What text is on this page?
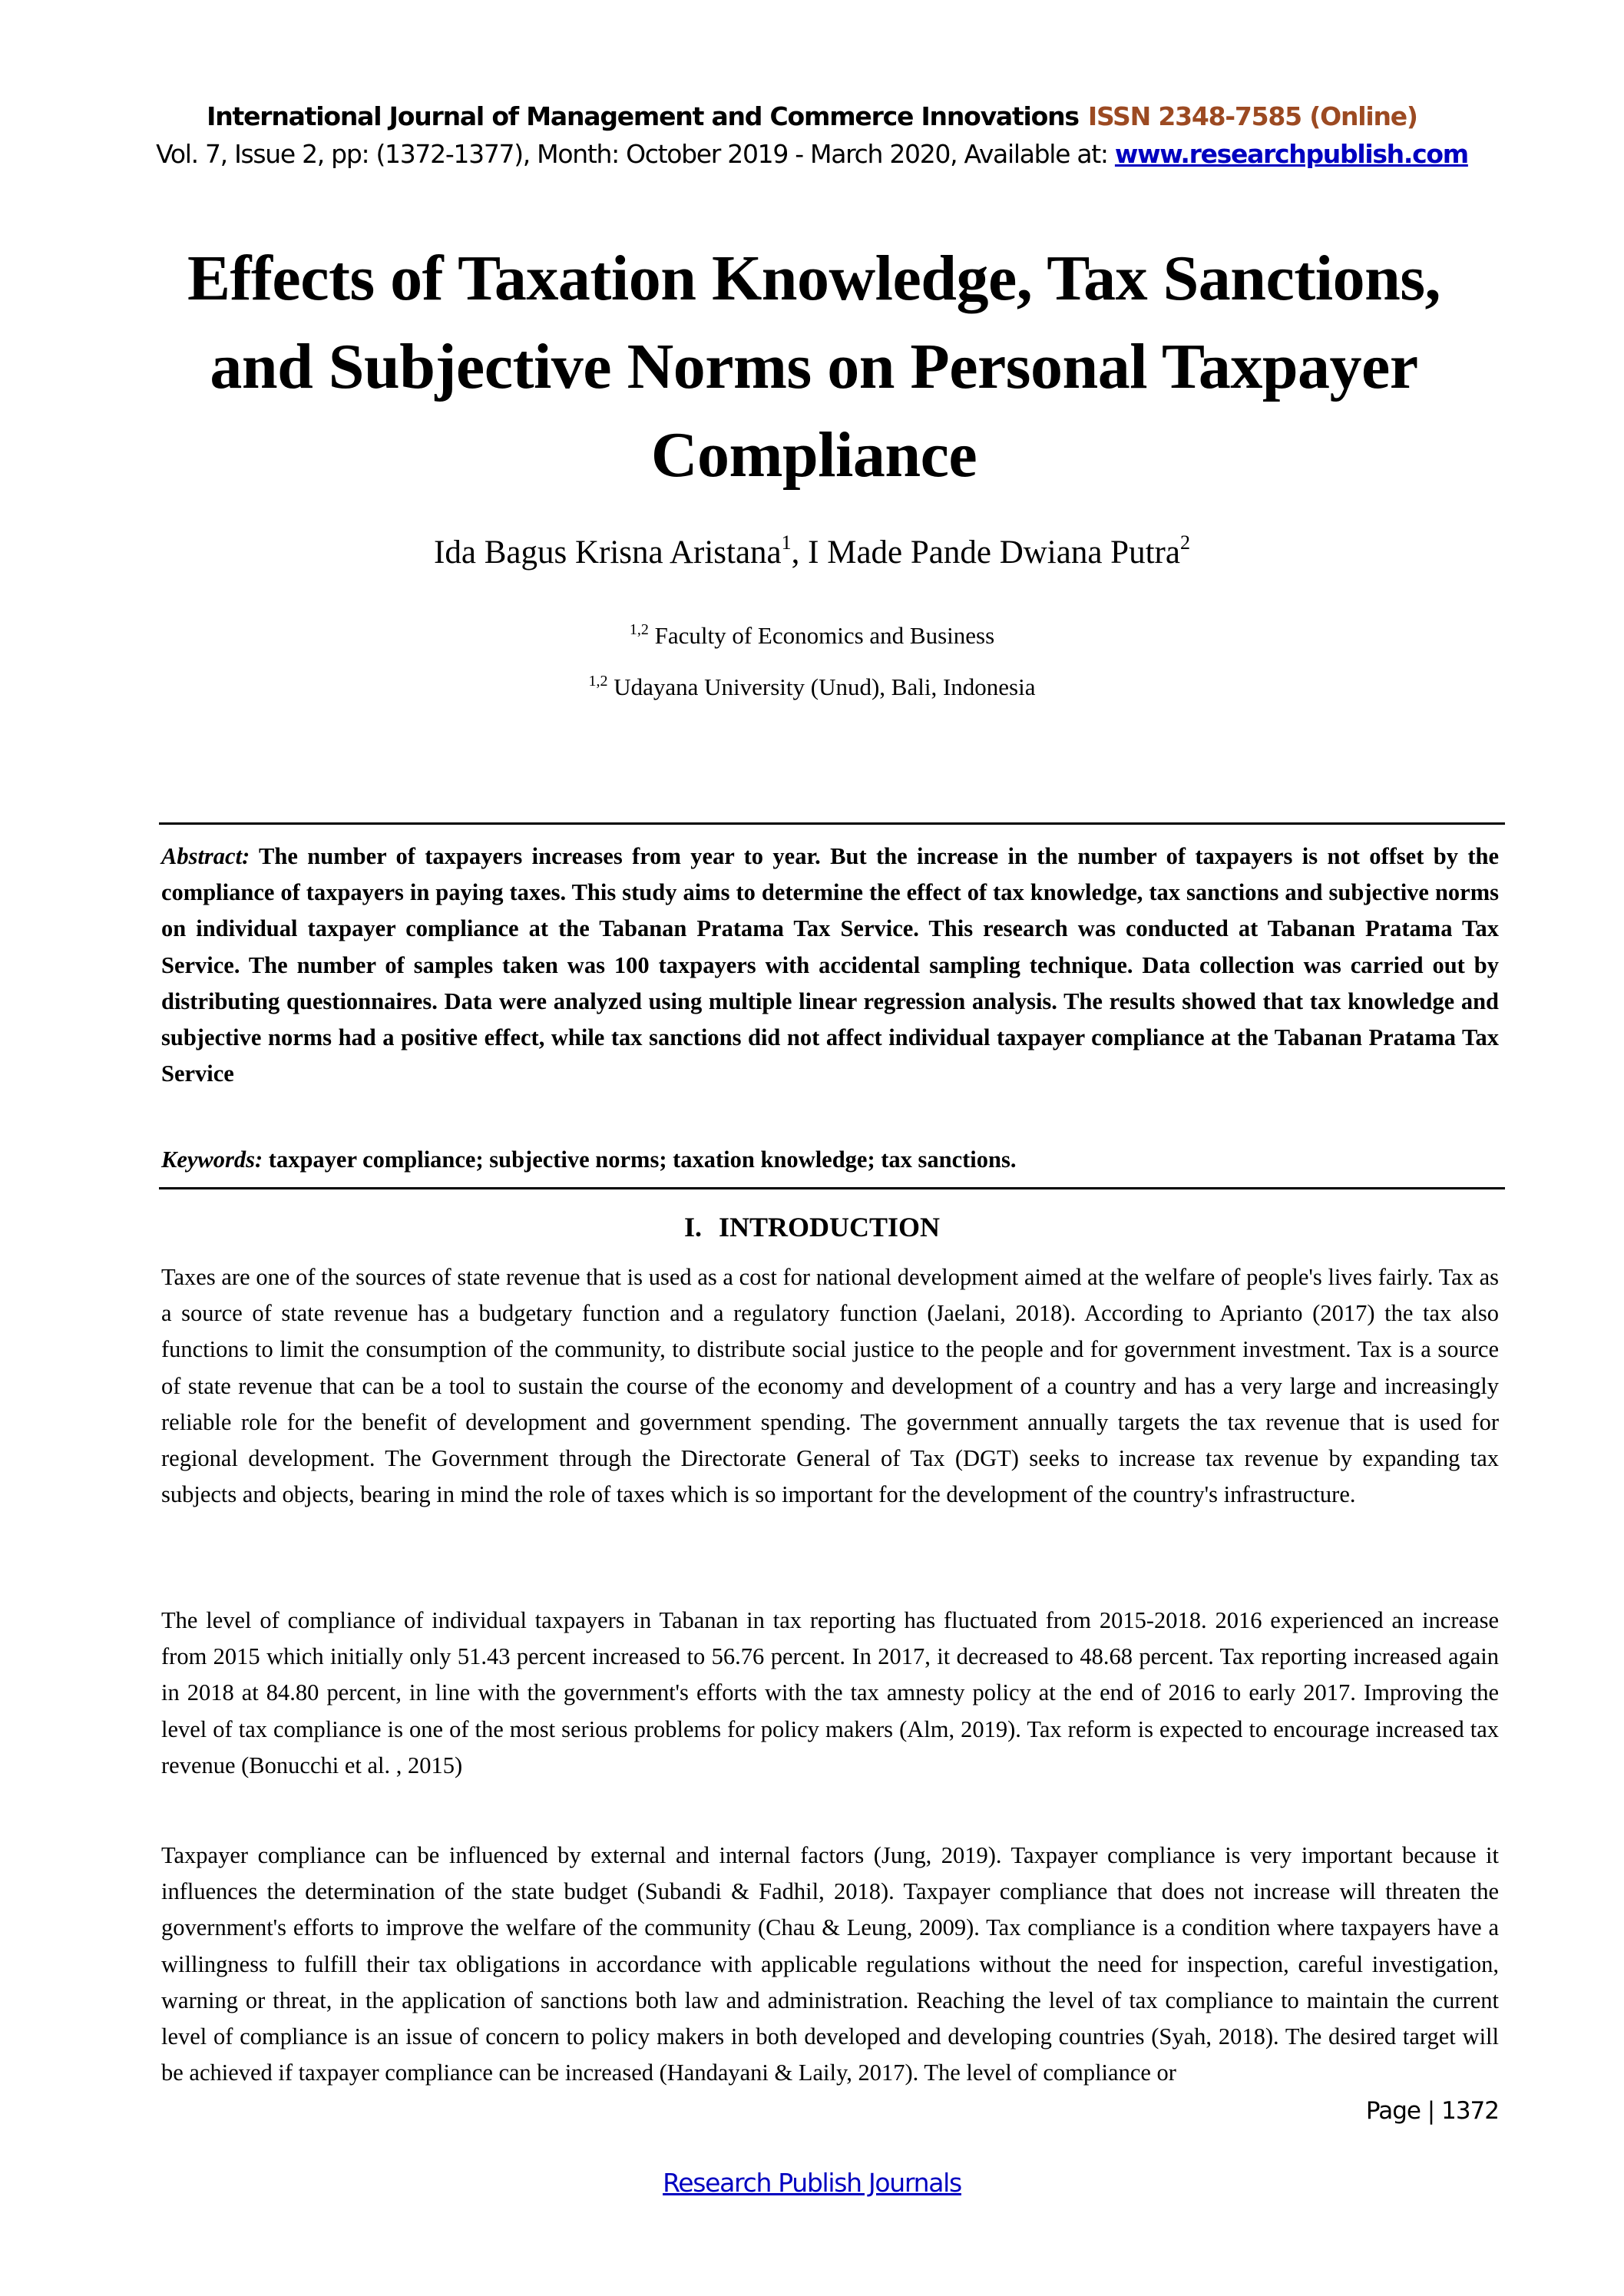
International Journal of Management and Commerce Innovations ISSN 2348-7585 (Online)
Vol. 7, Issue 2, pp: (1372-1377), Month: October 2019 - March 2020, Available at: www.researchpublish.com
Effects of Taxation Knowledge, Tax Sanctions, and Subjective Norms on Personal Taxpayer Compliance
Ida Bagus Krisna Aristana$^1$, I Made Pande Dwiana Putra$^2$
$^{1,2}$ Faculty of Economics and Business
$^{1,2}$ Udayana University (Unud), Bali, Indonesia
Abstract: The number of taxpayers increases from year to year. But the increase in the number of taxpayers is not offset by the compliance of taxpayers in paying taxes. This study aims to determine the effect of tax knowledge, tax sanctions and subjective norms on individual taxpayer compliance at the Tabanan Pratama Tax Service. This research was conducted at Tabanan Pratama Tax Service. The number of samples taken was 100 taxpayers with accidental sampling technique. Data collection was carried out by distributing questionnaires. Data were analyzed using multiple linear regression analysis. The results showed that tax knowledge and subjective norms had a positive effect, while tax sanctions did not affect individual taxpayer compliance at the Tabanan Pratama Tax Service
Keywords: taxpayer compliance; subjective norms; taxation knowledge; tax sanctions.
I. INTRODUCTION
Taxes are one of the sources of state revenue that is used as a cost for national development aimed at the welfare of people's lives fairly. Tax as a source of state revenue has a budgetary function and a regulatory function (Jaelani, 2018). According to Aprianto (2017) the tax also functions to limit the consumption of the community, to distribute social justice to the people and for government investment. Tax is a source of state revenue that can be a tool to sustain the course of the economy and development of a country and has a very large and increasingly reliable role for the benefit of development and government spending. The government annually targets the tax revenue that is used for regional development. The Government through the Directorate General of Tax (DGT) seeks to increase tax revenue by expanding tax subjects and objects, bearing in mind the role of taxes which is so important for the development of the country's infrastructure.
The level of compliance of individual taxpayers in Tabanan in tax reporting has fluctuated from 2015-2018. 2016 experienced an increase from 2015 which initially only 51.43 percent increased to 56.76 percent. In 2017, it decreased to 48.68 percent. Tax reporting increased again in 2018 at 84.80 percent, in line with the government's efforts with the tax amnesty policy at the end of 2016 to early 2017. Improving the level of tax compliance is one of the most serious problems for policy makers (Alm, 2019). Tax reform is expected to encourage increased tax revenue (Bonucchi et al. , 2015)
Taxpayer compliance can be influenced by external and internal factors (Jung, 2019). Taxpayer compliance is very important because it influences the determination of the state budget (Subandi & Fadhil, 2018). Taxpayer compliance that does not increase will threaten the government's efforts to improve the welfare of the community (Chau & Leung, 2009). Tax compliance is a condition where taxpayers have a willingness to fulfill their tax obligations in accordance with applicable regulations without the need for inspection, careful investigation, warning or threat, in the application of sanctions both law and administration. Reaching the level of tax compliance to maintain the current level of compliance is an issue of concern to policy makers in both developed and developing countries (Syah, 2018). The desired target will be achieved if taxpayer compliance can be increased (Handayani & Laily, 2017). The level of compliance or
Page | 1372
Research Publish Journals
